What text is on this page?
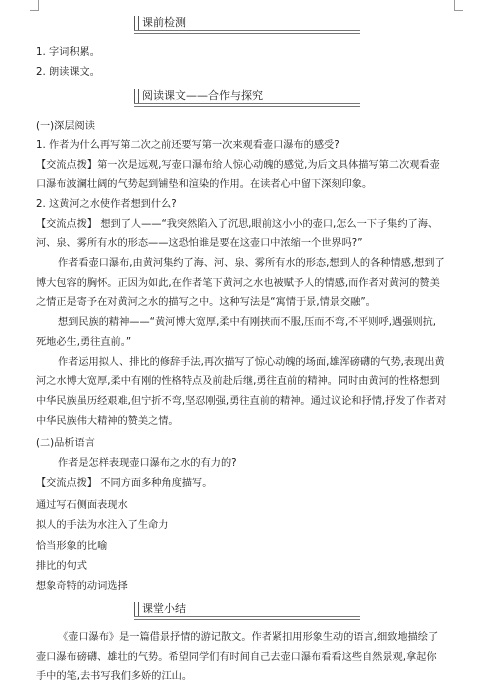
课前检测
1. 字词积累。
2. 朗读课文。
阅读课文——合作与探究
(一)深层阅读
1. 作者为什么再写第二次之前还要写第一次来观看壶口瀑布的感受?
【交流点拨】第一次是远观,写壶口瀑布给人惊心动魄的感觉,为后文具体描写第二次观看壶
口瀑布波澜壮阔的气势起到铺垫和渲染的作用。在读者心中留下深刻印象。
2. 这黄河之水使作者想到什么?
【交流点拨】 想到了人——“我突然陷入了沉思,眼前这小小的壶口,怎么一下子集约了海、
河、泉、雾所有水的形态——这恐怕谁是要在这壶口中浓缩一个世界吗?”
作者看壶口瀑布,由黄河集约了海、河、泉、雾所有水的形态,想到人的各种情感,想到了
博大包容的胸怀。正因为如此,在作者笔下黄河之水也被赋予人的情感,而作者对黄河的赞美
之情正是寄予在对黄河之水的描写之中。这种写法是“寓情于景,情景交融”。
想到民族的精神——“黄河博大宽厚,柔中有刚挟而不服,压而不弯,不平则呼,遇强则抗,
死地必生,勇往直前。”
作者运用拟人、排比的修辞手法,再次描写了惊心动魄的场面,雄浑磅礴的气势,表现出黄
河之水博大宽厚,柔中有刚的性格特点及前赴后继,勇往直前的精神。同时由黄河的性格想到
中华民族虽历经艰难,但宁折不弯,坚忍刚强,勇往直前的精神。通过议论和抒情,抒发了作者对
中华民族伟大精神的赞美之情。
(二)品析语言
作者是怎样表现壶口瀑布之水的有力的?
【交流点拨】 不同方面多种角度描写。
通过写石侧面表现水
拟人的手法为水注入了生命力
恰当形象的比喻
排比的句式
想象奇特的动词选择
课堂小结
《壶口瀑布》是一篇借景抒情的游记散文。作者紧扣用形象生动的语言,细致地描绘了
壶口瀑布磅礴、雄壮的气势。希望同学们有时间自己去壶口瀑布看看这些自然景观,拿起你
手中的笔,去书写我们多娇的江山。
